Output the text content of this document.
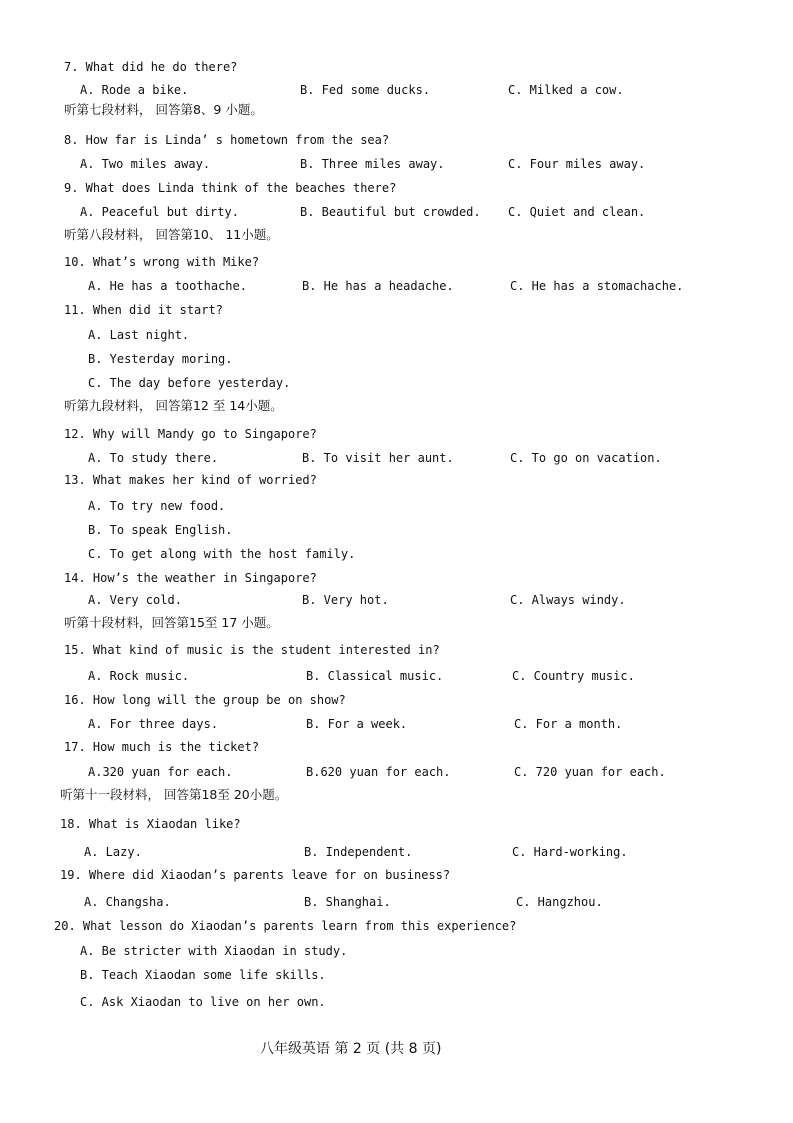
7. What did he do there?
A. Rode a bike.	B. Fed some ducks.	C. Milked a cow.
听第七段材料， 回答第8、9 小题。
8. How far is Linda’ s hometown from the sea?
A. Two miles away.	B. Three miles away.	C. Four miles away.
9. What does Linda think of the beaches there?
A. Peaceful but dirty.	B. Beautiful but crowded. C. Quiet and clean.
听第八段材料， 回答第10、 11小题。
10. What’s wrong with Mike?
A. He has a toothache.	B. He has a headache.	C. He has a stomachache.
11. When did it start?
A. Last night.
B. Yesterday moring.
C. The day before yesterday.
听第九段材料， 回答第12 至 14小题。
12. Why will Mandy go to Singapore?
A. To study there.	B. To visit her aunt.	C. To go on vacation.
13. What makes her kind of worried?
A. To try new food.
B. To speak English.
C. To get along with the host family.
14. How’s the weather in Singapore?
A. Very cold.	B. Very hot.	C. Always windy.
听第十段材料，回答第15至 17 小题。
15. What kind of music is the student interested in?
A. Rock music.	B. Classical music.	C. Country music.
16. How long will the group be on show?
A. For three days.	B. For a week.	C. For a month.
17. How much is the ticket?
A.320 yuan for each.	B.620 yuan for each.	C. 720 yuan for each.
听第十一段材料， 回答第18至 20小题。
18. What is Xiaodan like?
A. Lazy.	B. Independent.	C. Hard-working.
19. Where did Xiaodan’s parents leave for on business?
A. Changsha.	B. Shanghai.	C. Hangzhou.
20. What lesson do Xiaodan’s parents learn from this experience?
A. Be stricter with Xiaodan in study.
B. Teach Xiaodan some life skills.
C. Ask Xiaodan to live on her own.
八年级英语 第 2 页 (共 8 页)
